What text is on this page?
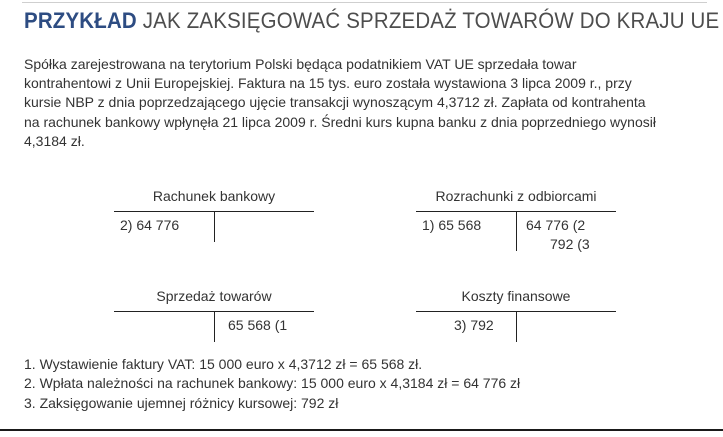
PRZYKŁAD JAK ZAKSIĘGOWAĆ SPRZEDAŻ TOWARÓW DO KRAJU UE
Spółka zarejestrowana na terytorium Polski będąca podatnikiem VAT UE sprzedała towar
kontrahentowi z Unii Europejskiej. Faktura na 15 tys. euro została wystawiona 3 lipca 2009 r., przy
kursie NBP z dnia poprzedzającego ujęcie transakcji wynoszącym 4,3712 zł. Zapłata od kontrahenta
na rachunek bankowy wpłynęła 21 lipca 2009 r. Średni kurs kupna banku z dnia poprzedniego wynosił
4,3184 zł.
Rachunek bankowy
2) 64 776
Rozrachunki z odbiorcami
1) 65 568	64 776 (2
792 (3
Sprzedaż towarów
65 568 (1
Koszty finansowe
3) 792
1. Wystawienie faktury VAT: 15 000 euro x 4,3712 zł = 65 568 zł.
2. Wpłata należności na rachunek bankowy: 15 000 euro x 4,3184 zł = 64 776 zł
3. Zaksięgowanie ujemnej różnicy kursowej: 792 zł
